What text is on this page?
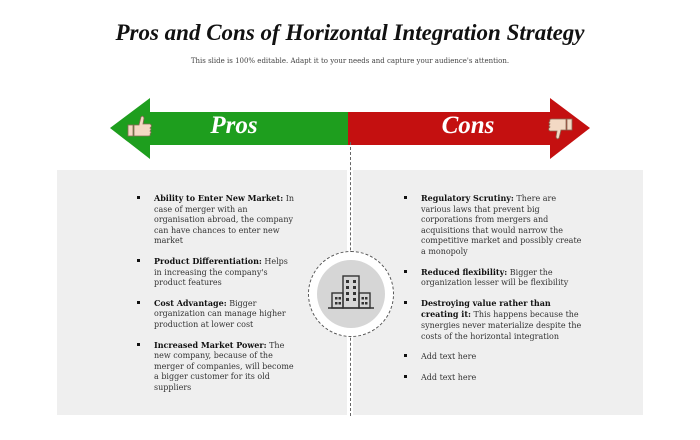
Pros and Cons of Horizontal Integration Strategy
This slide is 100% editable. Adapt it to your needs and capture your audience's attention.
Pros	Cons
Ability to Enter New Market: In case of merger with an organisation abroad, the company can have chances to enter new market
Product Differentiation: Helps in increasing the company's product features
Cost Advantage: Bigger organization can manage higher production at lower cost
Increased Market Power: The new company, because of the merger of companies, will become a bigger customer for its old suppliers
Regulatory Scrutiny: There are various laws that prevent big corporations from mergers and acquisitions that would narrow the competitive market and possibly create a monopoly
Reduced flexibility: Bigger the organization lesser will be flexibility
Destroying value rather than creating it: This happens because the synergies never materialize despite the costs of the horizontal integration
Add text here
Add text here
